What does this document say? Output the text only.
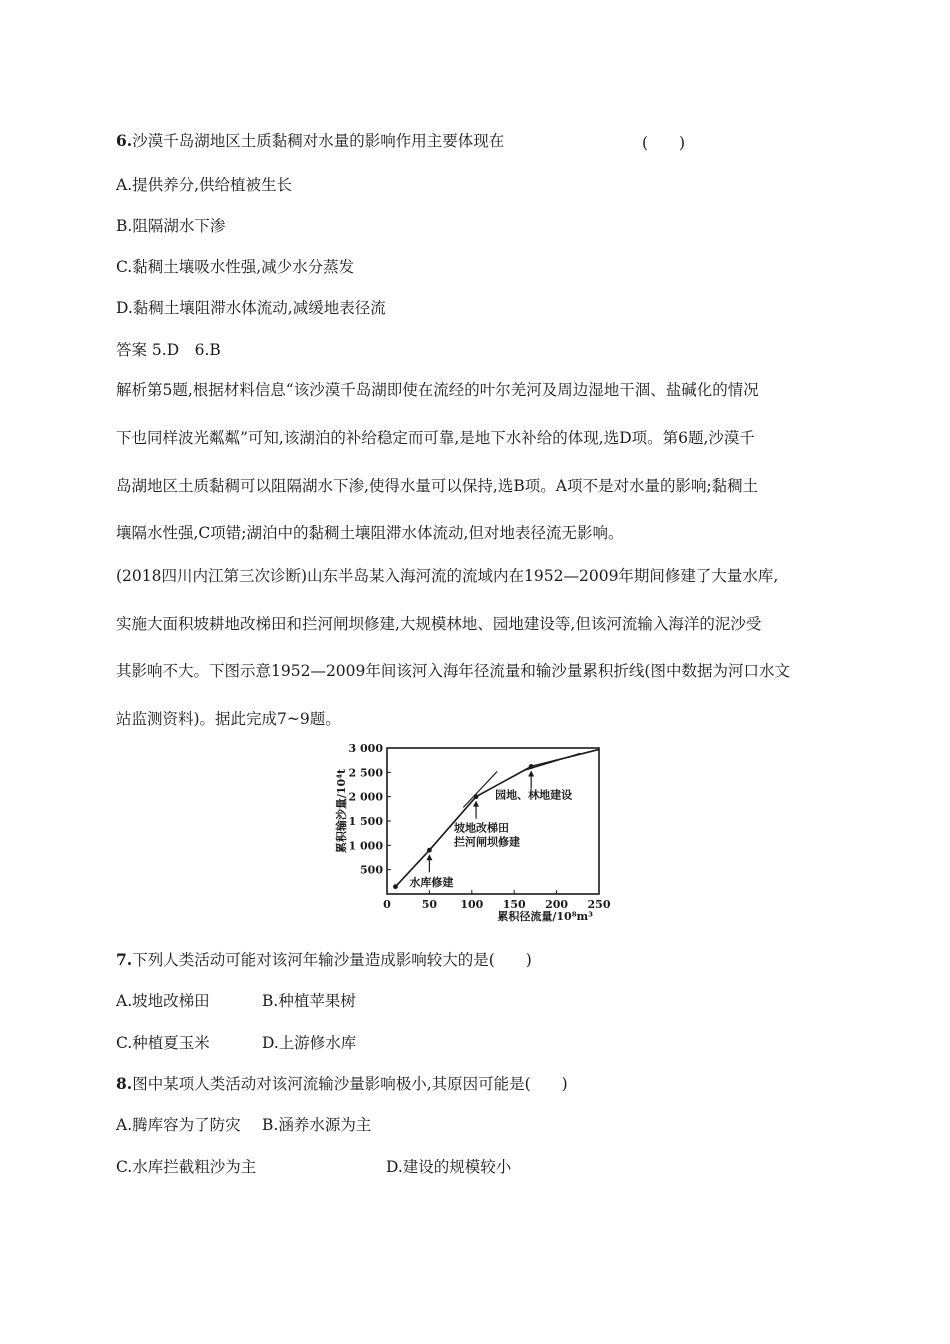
6.沙漠千岛湖地区土质黏稠对水量的影响作用主要体现在	(　　)
A.提供养分,供给植被生长
B.阻隔湖水下渗
C.黏稠土壤吸水性强,减少水分蒸发
D.黏稠土壤阻滞水体流动,减缓地表径流
答案 5.D　6.B
解析第5题,根据材料信息“该沙漠千岛湖即使在流经的叶尔羌河及周边湿地干涸、盐碱化的情况
下也同样波光粼粼”可知,该湖泊的补给稳定而可靠,是地下水补给的体现,选D项。第6题,沙漠千
岛湖地区土质黏稠可以阻隔湖水下渗,使得水量可以保持,选B项。A项不是对水量的影响;黏稠土
壤隔水性强,C项错;湖泊中的黏稠土壤阻滞水体流动,但对地表径流无影响。
(2018四川内江第三次诊断)山东半岛某入海河流的流域内在1952—2009年期间修建了大量水库,
实施大面积坡耕地改梯田和拦河闸坝修建,大规模林地、园地建设等,但该河流输入海洋的泥沙受
其影响不大。下图示意1952—2009年间该河入海年径流量和输沙量累积折线(图中数据为河口水文
站监测资料)。据此完成7~9题。
0	50 100 150 200 250
500
1 000
1 500
2 000
2 500
3 000
累积径流量/10⁸m³
累积输沙量/10⁴t
水库修建
坡地改梯田
拦河闸坝修建
园地、林地建设
7.下列人类活动可能对该河年输沙量造成影响较大的是(　　)
A.坡地改梯田	B.种植苹果树
C.种植夏玉米	D.上游修水库
8.图中某项人类活动对该河流输沙量影响极小,其原因可能是(　　)
A.腾库容为了防灾 B.涵养水源为主
C.水库拦截粗沙为主	D.建设的规模较小
